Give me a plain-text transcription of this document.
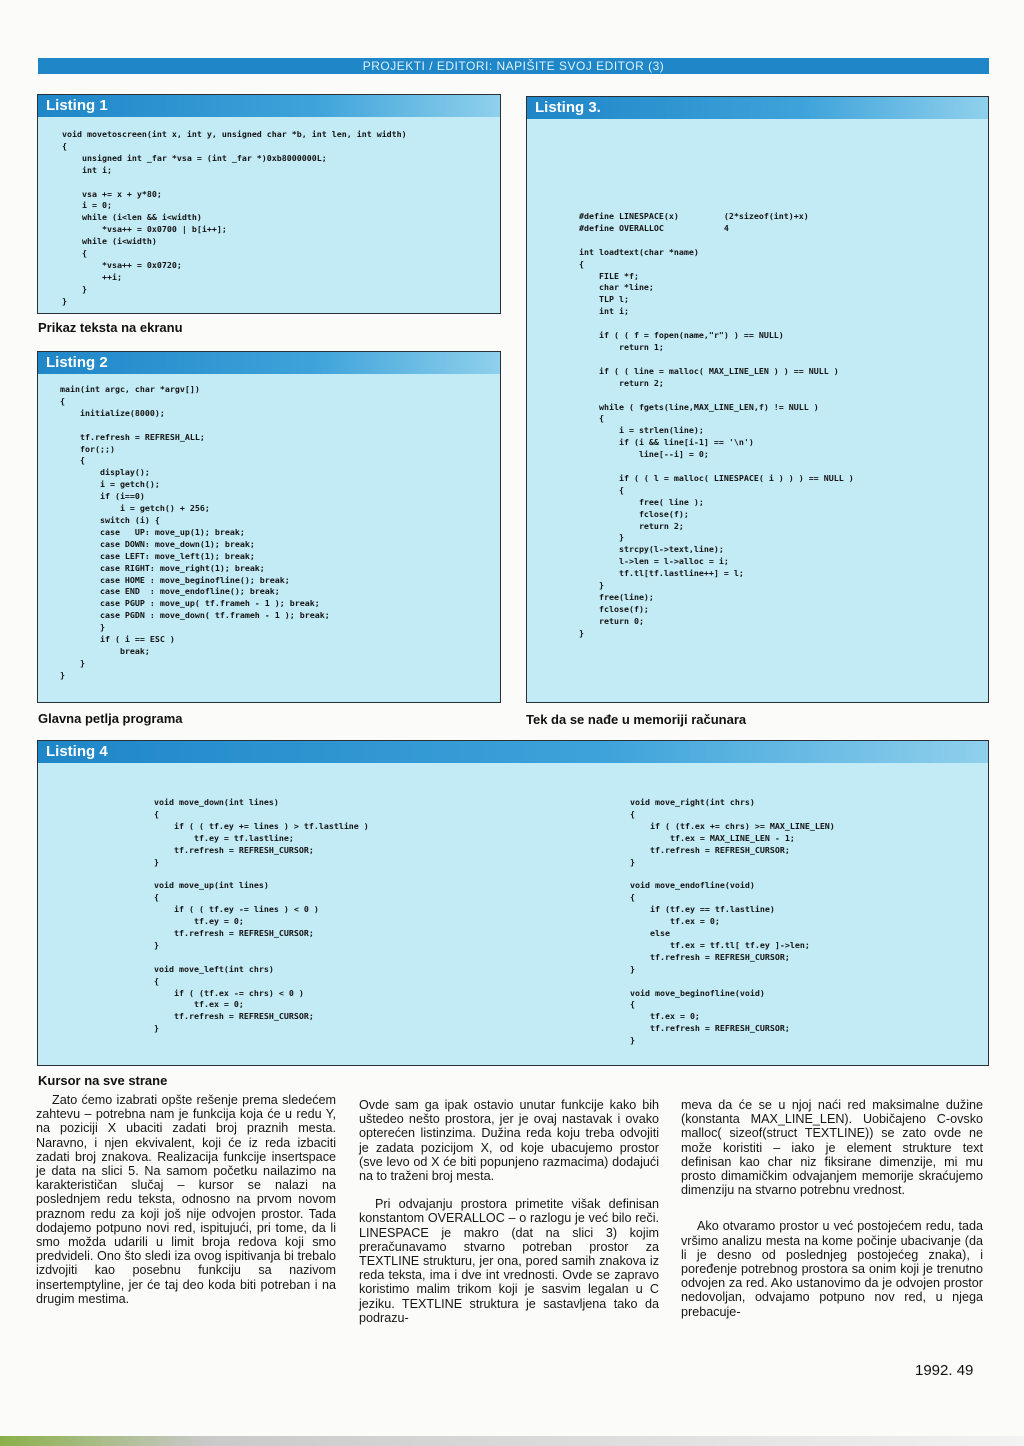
PROJEKTI / EDITORI: NAPIŠITE SVOJ EDITOR (3)
Listing 1
void movetoscreen(int x, int y, unsigned char *b, int len, int width)
{
unsigned int _far *vsa = (int _far *)0xb8000000L;
int i;

vsa += x + y*80;
i = 0;
while (i<len && i<width)
*vsa++ = 0x0700 | b[i++];
while (i<width)
{
*vsa++ = 0x0720;
++i;
}
}
Prikaz teksta na ekranu
Listing 2
main(int argc, char *argv[])
{
initialize(8000);

tf.refresh = REFRESH_ALL;
for(;;)
{
display();
i = getch();
if (i==0)
i = getch() + 256;
switch (i) {
case   UP: move_up(1); break;
case DOWN: move_down(1); break;
case LEFT: move_left(1); break;
case RIGHT: move_right(1); break;
case HOME : move_beginofline(); break;
case END  : move_endofline(); break;
case PGUP : move_up( tf.frameh - 1 ); break;
case PGDN : move_down( tf.frameh - 1 ); break;
}
if ( i == ESC )
break;
}
}
Glavna petlja programa
Listing 3.
#define LINESPACE(x)         (2*sizeof(int)+x)
#define OVERALLOC            4

int loadtext(char *name)
{
FILE *f;
char *line;
TLP l;
int i;

if ( ( f = fopen(name,"r") ) == NULL)
return 1;

if ( ( line = malloc( MAX_LINE_LEN ) ) == NULL )
return 2;

while ( fgets(line,MAX_LINE_LEN,f) != NULL )
{
i = strlen(line);
if (i && line[i-1] == '\n')
line[--i] = 0;

if ( ( l = malloc( LINESPACE( i ) ) ) == NULL )
{
free( line );
fclose(f);
return 2;
}
strcpy(l->text,line);
l->len = l->alloc = i;
tf.tl[tf.lastline++] = l;
}
free(line);
fclose(f);
return 0;
}
Tek da se nađe u memoriji računara
Listing 4
void move_down(int lines)
{
if ( ( tf.ey += lines ) > tf.lastline )
tf.ey = tf.lastline;
tf.refresh = REFRESH_CURSOR;
}

void move_up(int lines)
{
if ( ( tf.ey -= lines ) < 0 )
tf.ey = 0;
tf.refresh = REFRESH_CURSOR;
}

void move_left(int chrs)
{
if ( (tf.ex -= chrs) < 0 )
tf.ex = 0;
tf.refresh = REFRESH_CURSOR;
}
void move_right(int chrs)
{
if ( (tf.ex += chrs) >= MAX_LINE_LEN)
tf.ex = MAX_LINE_LEN - 1;
tf.refresh = REFRESH_CURSOR;
}

void move_endofline(void)
{
if (tf.ey == tf.lastline)
tf.ex = 0;
else
tf.ex = tf.tl[ tf.ey ]->len;
tf.refresh = REFRESH_CURSOR;
}

void move_beginofline(void)
{
tf.ex = 0;
tf.refresh = REFRESH_CURSOR;
}
Kursor na sve strane

Zato ćemo izabrati opšte rešenje prema sledećem zahtevu – potrebna nam je funkcija koja će u redu Y, na poziciji X ubaciti zadati broj praznih mesta. Naravno, i njen ekvivalent, koji će iz reda izbaciti zadati broj znakova. Realizacija funkcije insertspace je data na slici 5. Na samom početku nailazimo na karakterističan slučaj – kursor se nalazi na poslednjem redu teksta, odnosno na prvom novom praznom redu za koji još nije odvojen prostor. Tada dodajemo potpuno novi red, ispitujući, pri tome, da li smo možda udarili u limit broja redova koji smo predvideli. Ono što sledi iza ovog ispitivanja bi trebalo izdvojiti kao posebnu funkciju sa nazivom insertemptyline, jer će taj deo koda biti potreban i na drugim mestima.

Ovde sam ga ipak ostavio unutar funkcije kako bih uštedeo nešto prostora, jer je ovaj nastavak i ovako opterećen listinzima. Dužina reda koju treba odvojiti je zadata pozicijom X, od koje ubacujemo prostor (sve levo od X će biti popunjeno razmacima) dodajući na to traženi broj mesta.

Pri odvajanju prostora primetite višak definisan konstantom OVERALLOC – o razlogu je već bilo reči. LINESPACE je makro (dat na slici 3) kojim preračunavamo stvarno potreban prostor za TEXTLINE strukturu, jer ona, pored samih znakova iz reda teksta, ima i dve int vrednosti. Ovde se zapravo koristimo malim trikom koji je sasvim legalan u C jeziku. TEXTLINE struktura je sastavljena tako da podrazu-

meva da će se u njoj naći red maksimalne dužine (konstanta MAX_LINE_LEN). Uobičajeno C-ovsko malloc( sizeof(struct TEXTLINE)) se zato ovde ne može koristiti – iako je element strukture text definisan kao char niz fiksirane dimenzije, mi mu prosto dimamičkim odvajanjem memorije skraćujemo dimenziju na stvarno potrebnu vrednost.

Ako otvaramo prostor u već postojećem redu, tada vršimo analizu mesta na kome počinje ubacivanje (da li je desno od poslednjeg postojećeg znaka), i poređenje potrebnog prostora sa onim koji je trenutno odvojen za red. Ako ustanovimo da je odvojen prostor nedovoljan, odvajamo potpuno nov red, u njega prebacuje-

1992. 49
